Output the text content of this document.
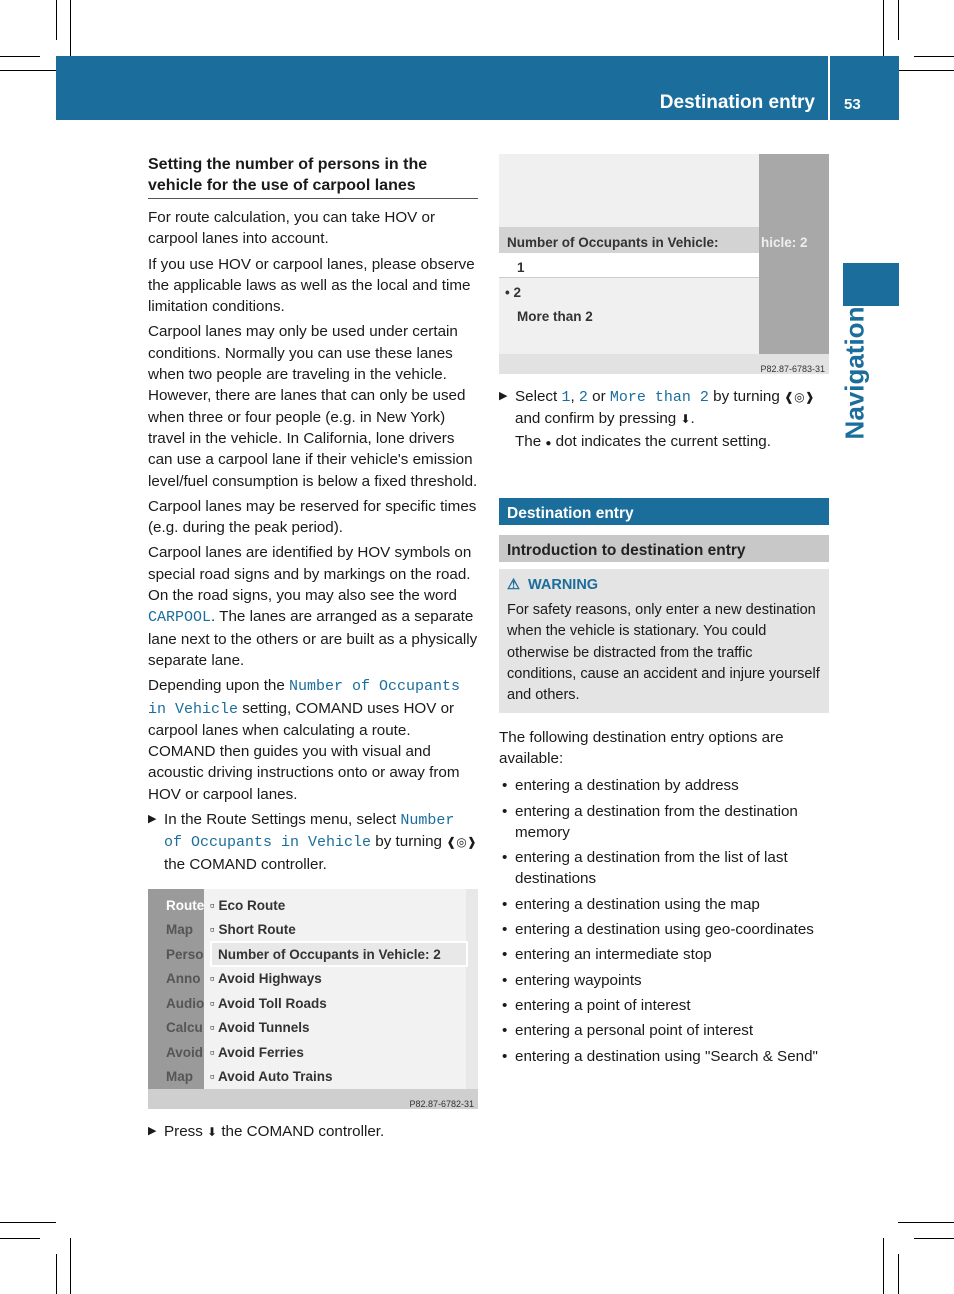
Destination entry 53
Navigation
Setting the number of persons in the vehicle for the use of carpool lanes

For route calculation, you can take HOV or carpool lanes into account.

If you use HOV or carpool lanes, please observe the applicable laws as well as the local and time limitation conditions.

Carpool lanes may only be used under certain conditions. Normally you can use these lanes when two people are traveling in the vehicle. However, there are lanes that can only be used when three or four people (e.g. in New York) travel in the vehicle. In California, lone drivers can use a carpool lane if their vehicle's emission level/fuel consumption is below a fixed threshold.

Carpool lanes may be reserved for specific times (e.g. during the peak period).

Carpool lanes are identified by HOV symbols on special road signs and by markings on the road. On the road signs, you may also see the word CARPOOL. The lanes are arranged as a separate lane next to the others or are built as a physically separate lane.

Depending upon the Number of Occupants in Vehicle setting, COMAND uses HOV or carpool lanes when calculating a route. COMAND then guides you with visual and acoustic driving instructions onto or away from HOV or carpool lanes.

▶ In the Route Settings menu, select Number of Occupants in Vehicle by turning ❰◎❱ the COMAND controller.
Route
Map
Perso
Anno
Audio
Calcu
Avoid
Map
▫ Eco Route
▫ Short Route
Number of Occupants in Vehicle: 2
▫ Avoid Highways
▫ Avoid Toll Roads
▫ Avoid Tunnels
▫ Avoid Ferries
▫ Avoid Auto Trains
P82.87-6782-31
▶ Press ⬇ the COMAND controller.
Number of Occupants in Vehicle:	hicle: 2
1
• 2
More than 2
P82.87-6783-31
▶ Select 1, 2 or More than 2 by turning ❰◎❱ and confirm by pressing ⬇.
The ● dot indicates the current setting.
Destination entry
Introduction to destination entry
⚠ WARNING
For safety reasons, only enter a new destination when the vehicle is stationary. You could otherwise be distracted from the traffic conditions, cause an accident and injure yourself and others.

The following destination entry options are available:

• entering a destination by address
• entering a destination from the destination memory
• entering a destination from the list of last destinations
• entering a destination using the map
• entering a destination using geo-coordinates
• entering an intermediate stop
• entering waypoints
• entering a point of interest
• entering a personal point of interest
• entering a destination using "Search & Send"
